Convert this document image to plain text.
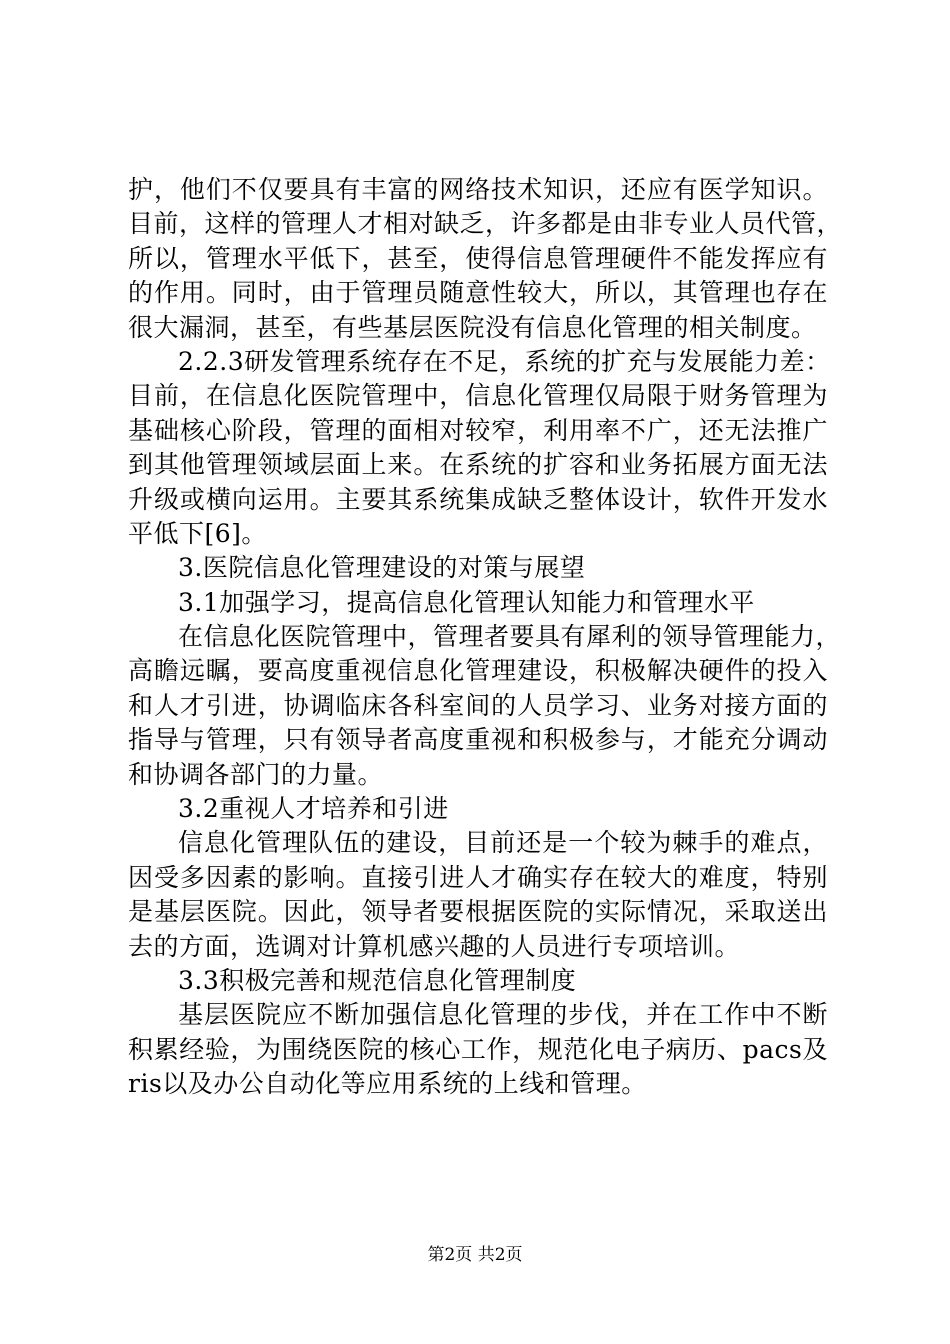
护，他们不仅要具有丰富的网络技术知识，还应有医学知识。
目前，这样的管理人才相对缺乏，许多都是由非专业人员代管，
所以，管理水平低下，甚至，使得信息管理硬件不能发挥应有
的作用。同时，由于管理员随意性较大，所以，其管理也存在
很大漏洞，甚至，有些基层医院没有信息化管理的相关制度。
2.2.3研发管理系统存在不足，系统的扩充与发展能力差：
目前，在信息化医院管理中，信息化管理仅局限于财务管理为
基础核心阶段，管理的面相对较窄，利用率不广，还无法推广
到其他管理领域层面上来。在系统的扩容和业务拓展方面无法
升级或横向运用。主要其系统集成缺乏整体设计，软件开发水
平低下[6]。
3.医院信息化管理建设的对策与展望
3.1加强学习，提高信息化管理认知能力和管理水平
在信息化医院管理中，管理者要具有犀利的领导管理能力，
高瞻远瞩，要高度重视信息化管理建设，积极解决硬件的投入
和人才引进，协调临床各科室间的人员学习、业务对接方面的
指导与管理，只有领导者高度重视和积极参与，才能充分调动
和协调各部门的力量。
3.2重视人才培养和引进
信息化管理队伍的建设，目前还是一个较为棘手的难点，
因受多因素的影响。直接引进人才确实存在较大的难度，特别
是基层医院。因此，领导者要根据医院的实际情况，采取送出
去的方面，选调对计算机感兴趣的人员进行专项培训。
3.3积极完善和规范信息化管理制度
基层医院应不断加强信息化管理的步伐，并在工作中不断
积累经验，为围绕医院的核心工作，规范化电子病历、pacs及
ris以及办公自动化等应用系统的上线和管理。
第2页 共2页
